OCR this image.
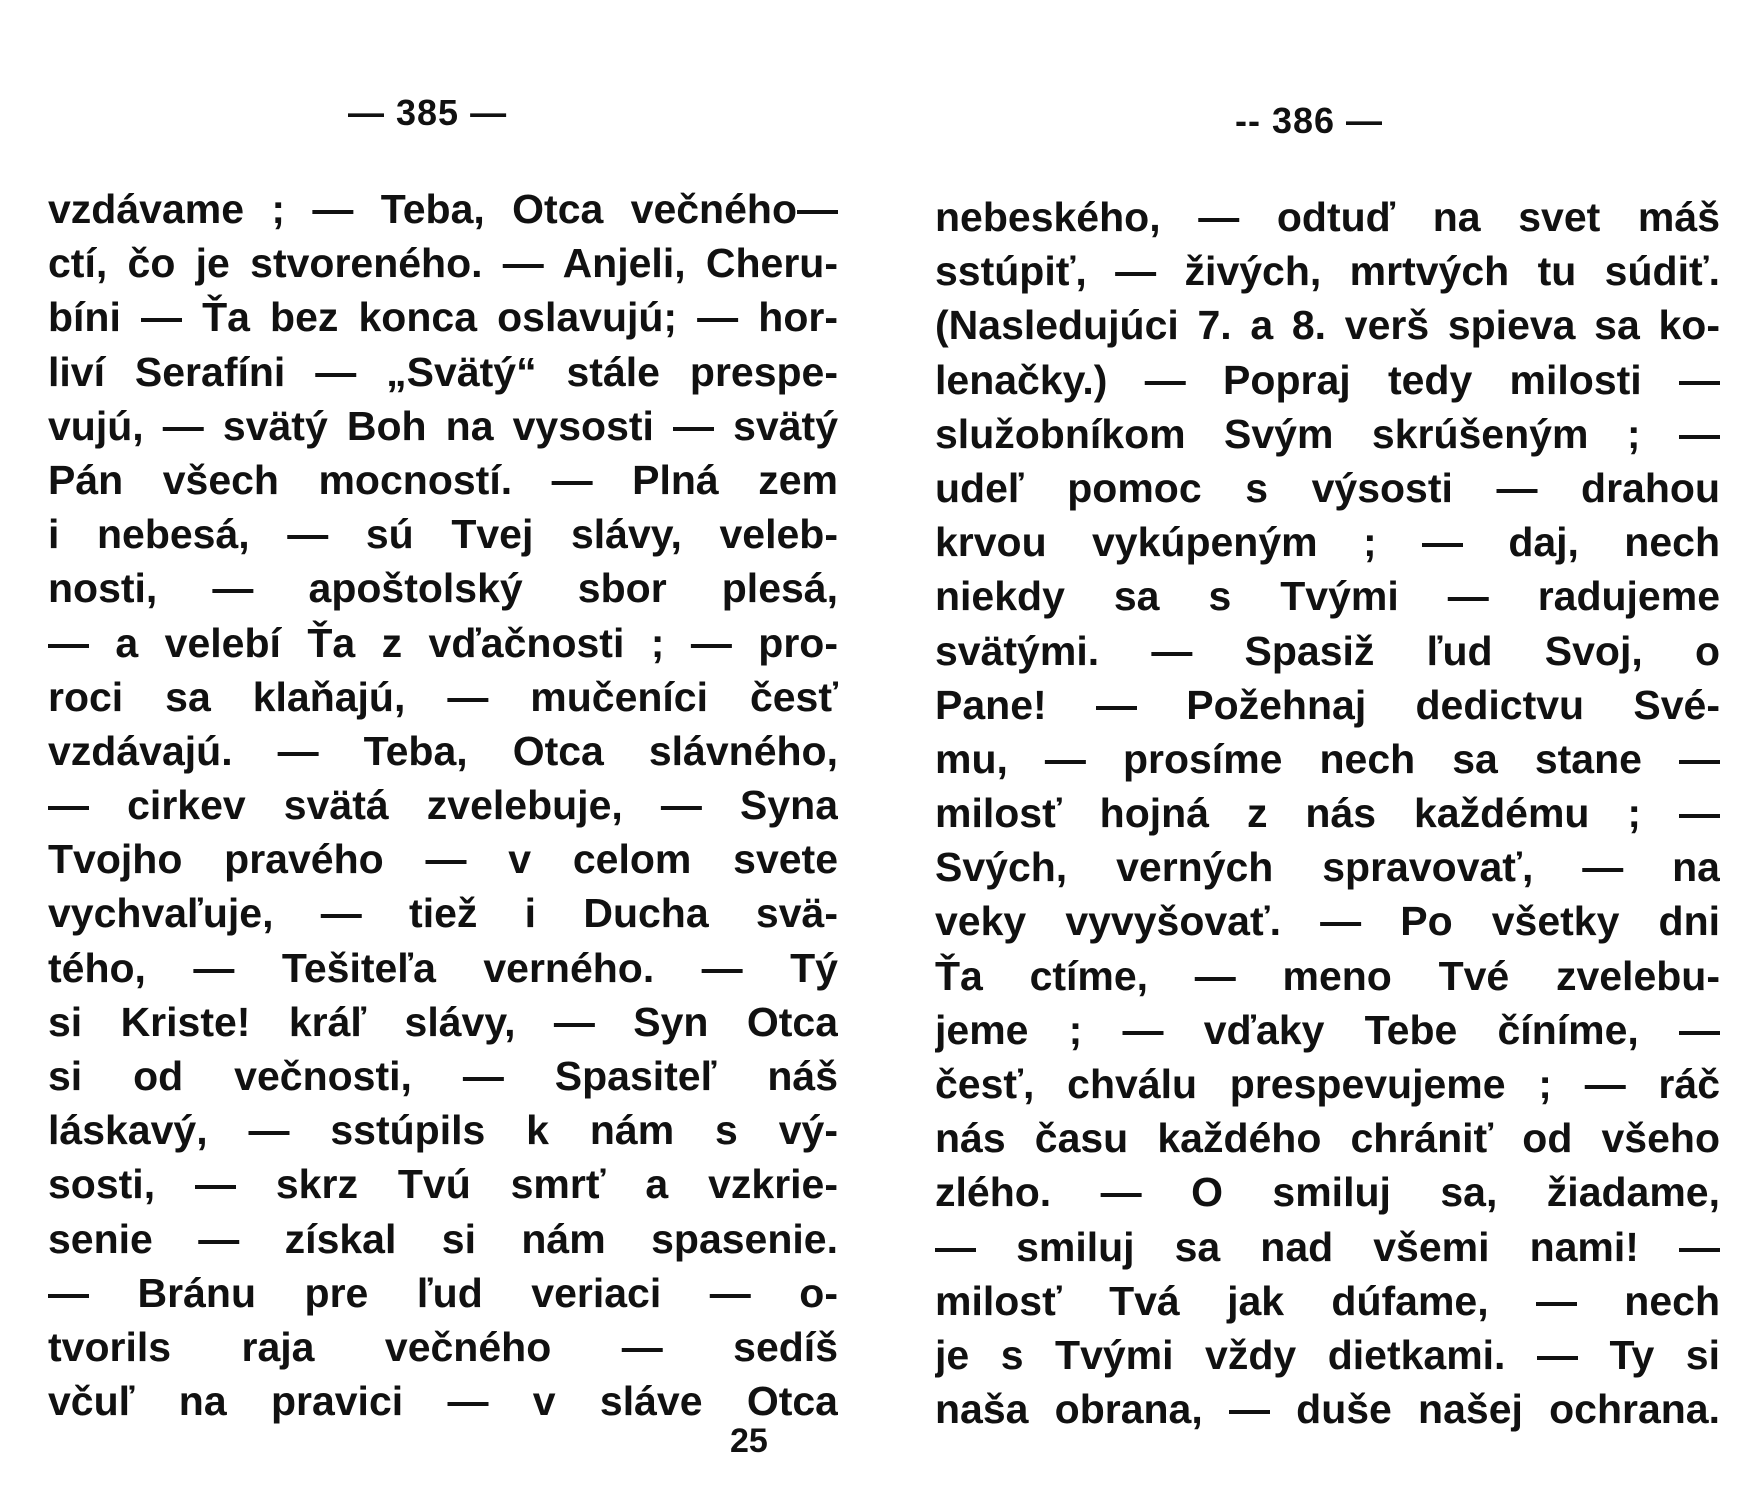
— 385 —
vzdávame ; — Teba, Otca večného—
ctí, čo je stvoreného. — Anjeli, Cheru-
bíni — Ťa bez konca oslavujú; — hor-
liví Serafíni — „Svätý“ stále prespe-
vujú, — svätý Boh na vysosti — svätý
Pán všech mocností. — Plná zem
i nebesá, — sú Tvej slávy, veleb-
nosti, — apoštolský sbor plesá,
— a velebí Ťa z vďačnosti ; — pro-
roci sa klaňajú, — mučeníci česť
vzdávajú. — Teba, Otca slávného,
— cirkev svätá zvelebuje, — Syna
Tvojho pravého — v celom svete
vychvaľuje, — tiež i Ducha svä-
tého, — Tešiteľa verného. — Tý
si Kriste! kráľ slávy, — Syn Otca
si od večnosti, — Spasiteľ náš
láskavý, — sstúpils k nám s vý-
sosti, — skrz Tvú smrť a vzkrie-
senie — získal si nám spasenie.
— Bránu pre ľud veriaci — o-
tvorils raja večného — sedíš
včuľ na pravici — v sláve Otca
25
-- 386 —
nebeského, — odtuď na svet máš
sstúpiť, — živých, mrtvých tu súdiť.
(Nasledujúci 7. a 8. verš spieva sa ko-
lenačky.) — Popraj tedy milosti —
služobníkom Svým skrúšeným ; —
udeľ pomoc s výsosti — drahou
krvou vykúpeným ; — daj, nech
niekdy sa s Tvými — radujeme
svätými. — Spasiž ľud Svoj, o
Pane! — Požehnaj dedictvu Své-
mu, — prosíme nech sa stane —
milosť hojná z nás každému ; —
Svých, verných spravovať, — na
veky vyvyšovať. — Po všetky dni
Ťa ctíme, — meno Tvé zvelebu-
jeme ; — vďaky Tebe číníme, —
česť, chválu prespevujeme ; — ráč
nás času každého chrániť od všeho
zlého. — O smiluj sa, žiadame,
— smiluj sa nad všemi nami! —
milosť Tvá jak dúfame, — nech
je s Tvými vždy dietkami. — Ty si
naša obrana, — duše našej ochrana.
